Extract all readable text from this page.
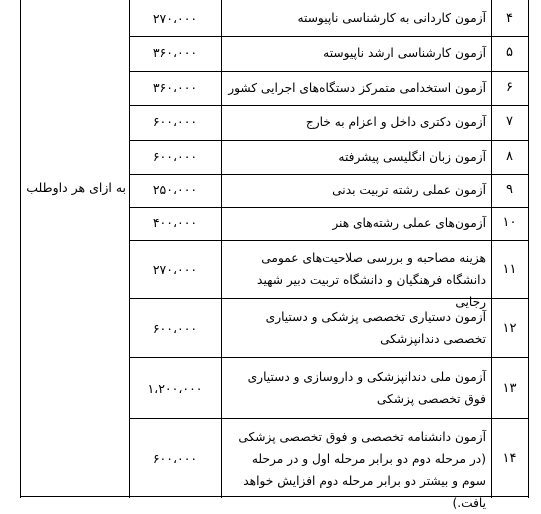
به ازای هر داوطلب
۴
آزمون کاردانی به کارشناسی ناپیوسته
۲۷۰،۰۰۰
۵
آزمون کارشناسی ارشد ناپیوسته
۳۶۰،۰۰۰
۶
آزمون استخدامی متمرکز دستگاه‌های اجرایی کشور
۳۶۰،۰۰۰
۷
آزمون دکتری داخل و اعزام به خارج
۶۰۰،۰۰۰
۸
آزمون زبان انگلیسی پیشرفته
۶۰۰،۰۰۰
۹
آزمون عملی رشته تربیت بدنی
۲۵۰،۰۰۰
۱۰
آزمون‌های عملی رشته‌های هنر
۴۰۰،۰۰۰
۱۱
هزینه مصاحبه و بررسی صلاحیت‌های عمومی دانشگاه فرهنگیان و دانشگاه تربیت دبیر شهید رجایی
۲۷۰،۰۰۰
۱۲
آزمون دستیاری تخصصی پزشکی و دستیاری تخصصی دندانپزشکی
۶۰۰،۰۰۰
۱۳
آزمون ملی دندانپزشکی و داروسازی و دستیاری فوق تخصصی پزشکی
۱،۲۰۰،۰۰۰
۱۴
آزمون دانشنامه تخصصی و فوق تخصصی پزشکی (در مرحله دوم دو برابر مرحله اول و در مرحله سوم و بیشتر دو برابر مرحله دوم افزایش خواهد یافت.)
۶۰۰،۰۰۰
